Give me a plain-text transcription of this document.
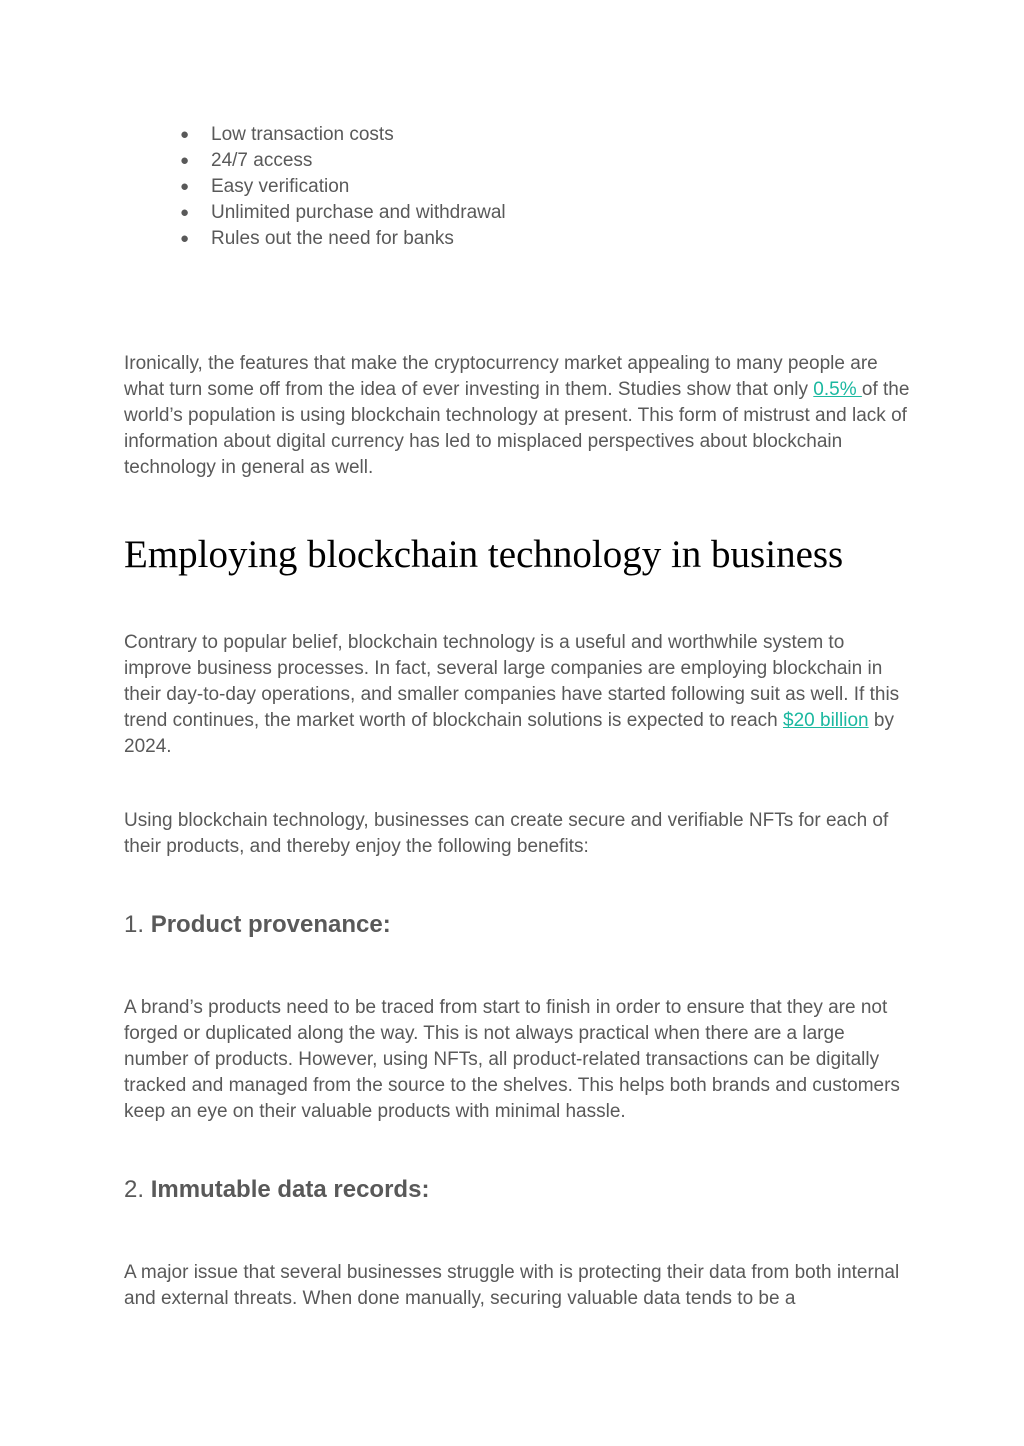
● Low transaction costs
● 24/7 access
● Easy verification
● Unlimited purchase and withdrawal
● Rules out the need for banks

Ironically, the features that make the cryptocurrency market appealing to many people are what turn some off from the idea of ever investing in them. Studies show that only 0.5% of the world’s population is using blockchain technology at present. This form of mistrust and lack of information about digital currency has led to misplaced perspectives about blockchain technology in general as well.

Employing blockchain technology in business

Contrary to popular belief, blockchain technology is a useful and worthwhile system to improve business processes. In fact, several large companies are employing blockchain in their day-to-day operations, and smaller companies have started following suit as well. If this trend continues, the market worth of blockchain solutions is expected to reach $20 billion by 2024.

Using blockchain technology, businesses can create secure and verifiable NFTs for each of their products, and thereby enjoy the following benefits:

1. Product provenance:

A brand’s products need to be traced from start to finish in order to ensure that they are not forged or duplicated along the way. This is not always practical when there are a large number of products. However, using NFTs, all product-related transactions can be digitally tracked and managed from the source to the shelves. This helps both brands and customers keep an eye on their valuable products with minimal hassle.

2. Immutable data records:

A major issue that several businesses struggle with is protecting their data from both internal and external threats. When done manually, securing valuable data tends to be a
